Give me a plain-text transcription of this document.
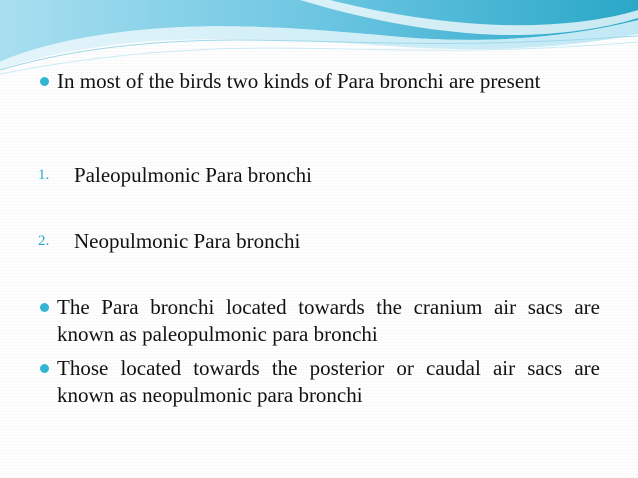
In most of the birds two kinds of Para bronchi are present
1. Paleopulmonic Para bronchi
2. Neopulmonic Para bronchi
The Para bronchi located towards the cranium air sacs are known as paleopulmonic para bronchi
Those located towards the posterior or caudal air sacs are known as neopulmonic para bronchi
